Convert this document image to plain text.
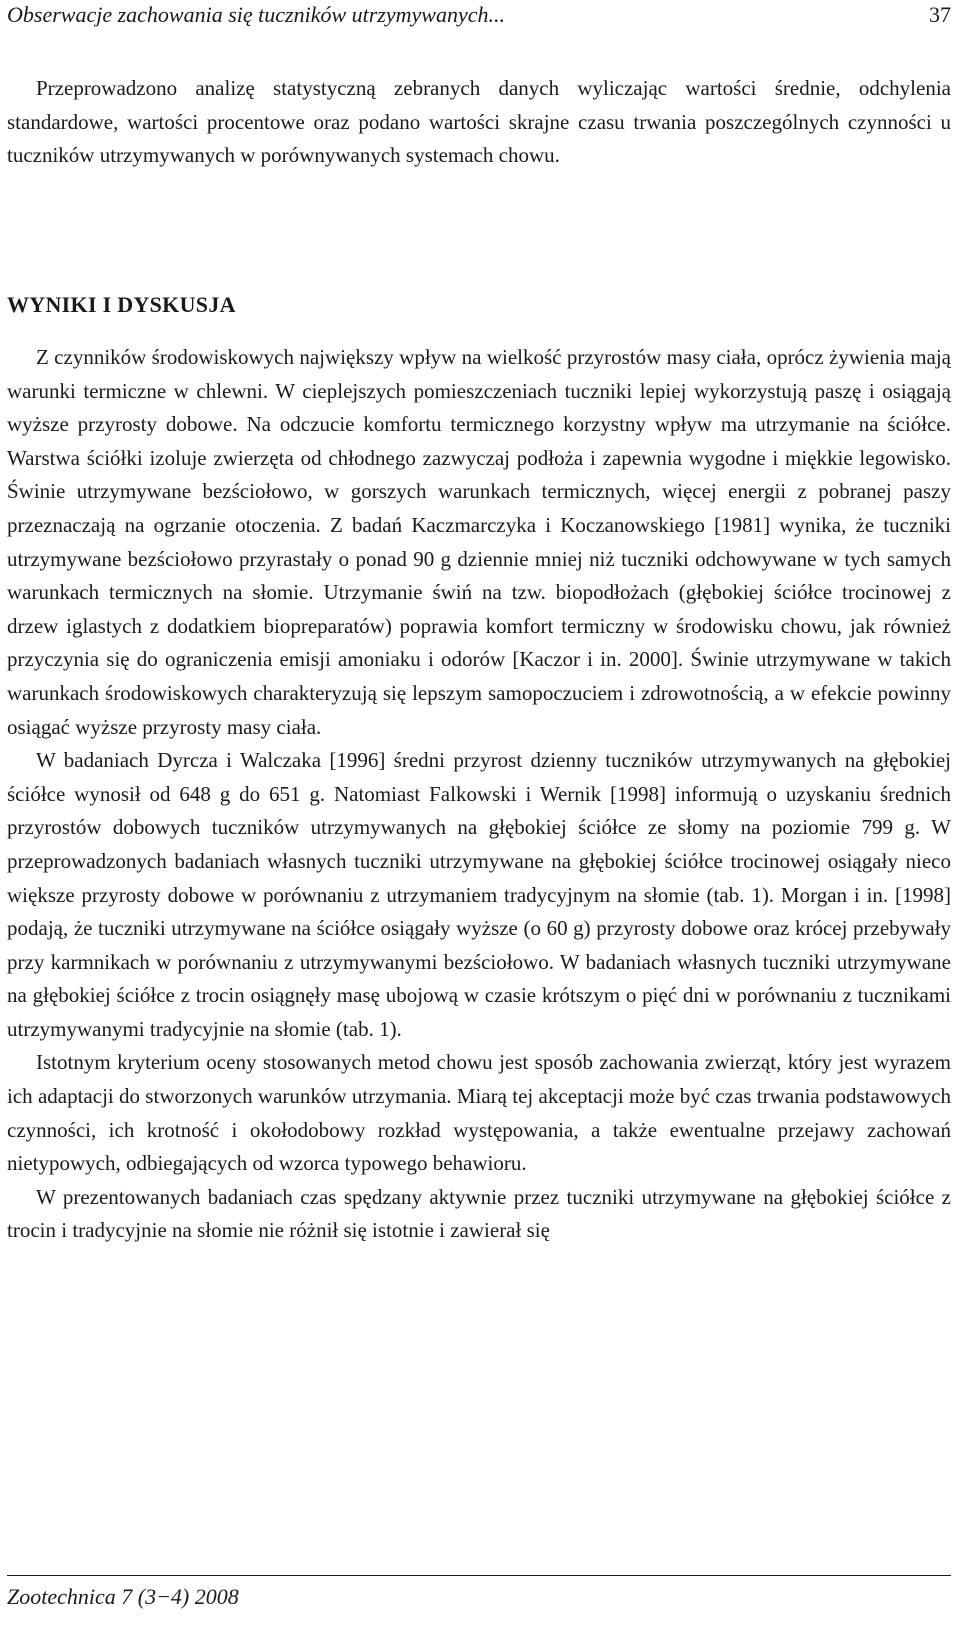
Obserwacje zachowania się tuczników utrzymywanych...	37

Przeprowadzono analizę statystyczną zebranych danych wyliczając wartości średnie, odchylenia standardowe, wartości procentowe oraz podano wartości skrajne czasu trwania poszczególnych czynności u tuczników utrzymywanych w porównywanych systemach chowu.

WYNIKI I DYSKUSJA

Z czynników środowiskowych największy wpływ na wielkość przyrostów masy ciała, oprócz żywienia mają warunki termiczne w chlewni. W cieplejszych pomieszczeniach tuczniki lepiej wykorzystują paszę i osiągają wyższe przyrosty dobowe. Na odczucie komfortu termicznego korzystny wpływ ma utrzymanie na ściółce. Warstwa ściółki izoluje zwierzęta od chłodnego zazwyczaj podłoża i zapewnia wygodne i miękkie legowisko. Świnie utrzymywane bezściołowo, w gorszych warunkach termicznych, więcej energii z pobranej paszy przeznaczają na ogrzanie otoczenia. Z badań Kaczmarczyka i Koczanowskiego [1981] wynika, że tuczniki utrzymywane bezściołowo przyrastały o ponad 90 g dziennie mniej niż tuczniki odchowywane w tych samych warunkach termicznych na słomie. Utrzymanie świń na tzw. biopodłożach (głębokiej ściółce trocinowej z drzew iglastych z dodatkiem biopreparatów) poprawia komfort termiczny w środowisku chowu, jak również przyczynia się do ograniczenia emisji amoniaku i odorów [Kaczor i in. 2000]. Świnie utrzymywane w takich warunkach środowiskowych charakteryzują się lepszym samopoczuciem i zdrowotnością, a w efekcie powinny osiągać wyższe przyrosty masy ciała.

W badaniach Dyrcza i Walczaka [1996] średni przyrost dzienny tuczników utrzymywanych na głębokiej ściółce wynosił od 648 g do 651 g. Natomiast Falkowski i Wernik [1998] informują o uzyskaniu średnich przyrostów dobowych tuczników utrzymywanych na głębokiej ściółce ze słomy na poziomie 799 g. W przeprowadzonych badaniach własnych tuczniki utrzymywane na głębokiej ściółce trocinowej osiągały nieco większe przyrosty dobowe w porównaniu z utrzymaniem tradycyjnym na słomie (tab. 1). Morgan i in. [1998] podają, że tuczniki utrzymywane na ściółce osiągały wyższe (o 60 g) przyrosty dobowe oraz krócej przebywały przy karmnikach w porównaniu z utrzymywanymi bezściołowo. W badaniach własnych tuczniki utrzymywane na głębokiej ściółce z trocin osiągnęły masę ubojową w czasie krótszym o pięć dni w porównaniu z tucznikami utrzymywanymi tradycyjnie na słomie (tab. 1).

Istotnym kryterium oceny stosowanych metod chowu jest sposób zachowania zwierząt, który jest wyrazem ich adaptacji do stworzonych warunków utrzymania. Miarą tej akceptacji może być czas trwania podstawowych czynności, ich krotność i okołodobowy rozkład występowania, a także ewentualne przejawy zachowań nietypowych, odbiegających od wzorca typowego behawioru.

W prezentowanych badaniach czas spędzany aktywnie przez tuczniki utrzymywane na głębokiej ściółce z trocin i tradycyjnie na słomie nie różnił się istotnie i zawierał się

Zootechnica 7 (3−4) 2008
